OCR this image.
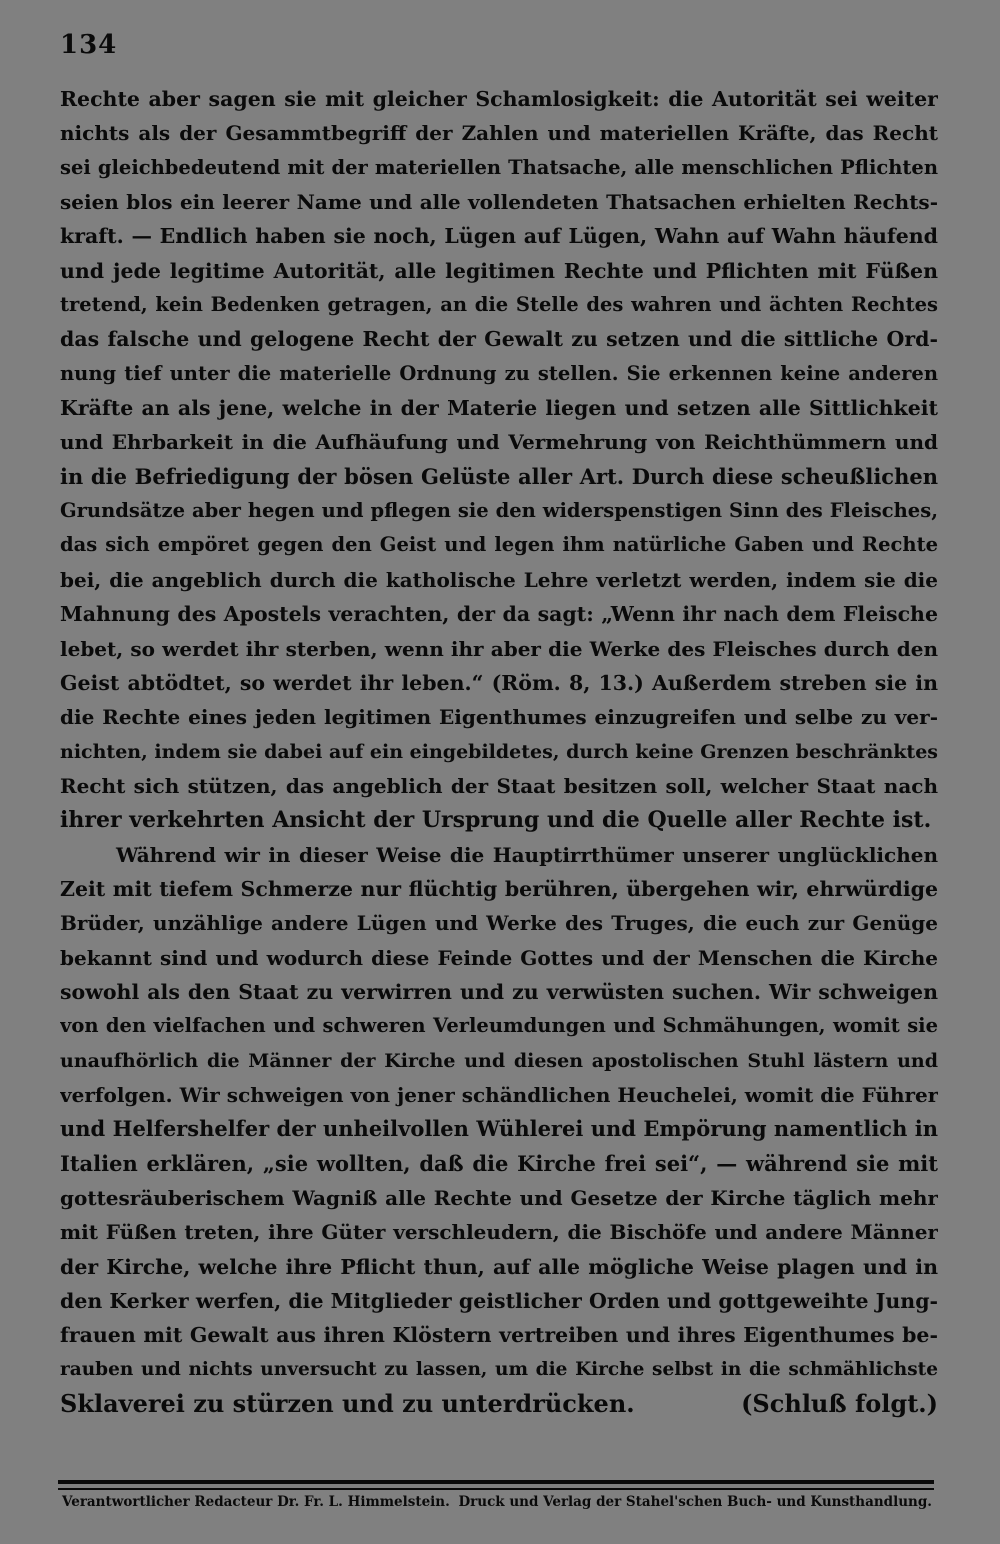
134
Rechte aber sagen sie mit gleicher Schamlosigkeit: die Autorität sei weiter
nichts als der Gesammtbegriff der Zahlen und materiellen Kräfte, das Recht
sei gleichbedeutend mit der materiellen Thatsache, alle menschlichen Pflichten
seien blos ein leerer Name und alle vollendeten Thatsachen erhielten Rechts-
kraft. — Endlich haben sie noch, Lügen auf Lügen, Wahn auf Wahn häufend
und jede legitime Autorität, alle legitimen Rechte und Pflichten mit Füßen
tretend, kein Bedenken getragen, an die Stelle des wahren und ächten Rechtes
das falsche und gelogene Recht der Gewalt zu setzen und die sittliche Ord-
nung tief unter die materielle Ordnung zu stellen. Sie erkennen keine anderen
Kräfte an als jene, welche in der Materie liegen und setzen alle Sittlichkeit
und Ehrbarkeit in die Aufhäufung und Vermehrung von Reichthümmern und
in die Befriedigung der bösen Gelüste aller Art. Durch diese scheußlichen
Grundsätze aber hegen und pflegen sie den widerspenstigen Sinn des Fleisches,
das sich empöret gegen den Geist und legen ihm natürliche Gaben und Rechte
bei, die angeblich durch die katholische Lehre verletzt werden, indem sie die
Mahnung des Apostels verachten, der da sagt: „Wenn ihr nach dem Fleische
lebet, so werdet ihr sterben, wenn ihr aber die Werke des Fleisches durch den
Geist abtödtet, so werdet ihr leben.“ (Röm. 8, 13.) Außerdem streben sie in
die Rechte eines jeden legitimen Eigenthumes einzugreifen und selbe zu ver-
nichten, indem sie dabei auf ein eingebildetes, durch keine Grenzen beschränktes
Recht sich stützen, das angeblich der Staat besitzen soll, welcher Staat nach
ihrer verkehrten Ansicht der Ursprung und die Quelle aller Rechte ist.
Während wir in dieser Weise die Hauptirrthümer unserer unglücklichen
Zeit mit tiefem Schmerze nur flüchtig berühren, übergehen wir, ehrwürdige
Brüder, unzählige andere Lügen und Werke des Truges, die euch zur Genüge
bekannt sind und wodurch diese Feinde Gottes und der Menschen die Kirche
sowohl als den Staat zu verwirren und zu verwüsten suchen. Wir schweigen
von den vielfachen und schweren Verleumdungen und Schmähungen, womit sie
unaufhörlich die Männer der Kirche und diesen apostolischen Stuhl lästern und
verfolgen. Wir schweigen von jener schändlichen Heuchelei, womit die Führer
und Helfershelfer der unheilvollen Wühlerei und Empörung namentlich in
Italien erklären, „sie wollten, daß die Kirche frei sei“, — während sie mit
gottesräuberischem Wagniß alle Rechte und Gesetze der Kirche täglich mehr
mit Füßen treten, ihre Güter verschleudern, die Bischöfe und andere Männer
der Kirche, welche ihre Pflicht thun, auf alle mögliche Weise plagen und in
den Kerker werfen, die Mitglieder geistlicher Orden und gottgeweihte Jung-
frauen mit Gewalt aus ihren Klöstern vertreiben und ihres Eigenthumes be-
rauben und nichts unversucht zu lassen, um die Kirche selbst in die schmählichste
Sklaverei zu stürzen und zu unterdrücken.	(Schluß folgt.)
Verantwortlicher Redacteur Dr. Fr. L. Himmelstein. Druck und Verlag der Stahel'schen Buch- und Kunsthandlung.
